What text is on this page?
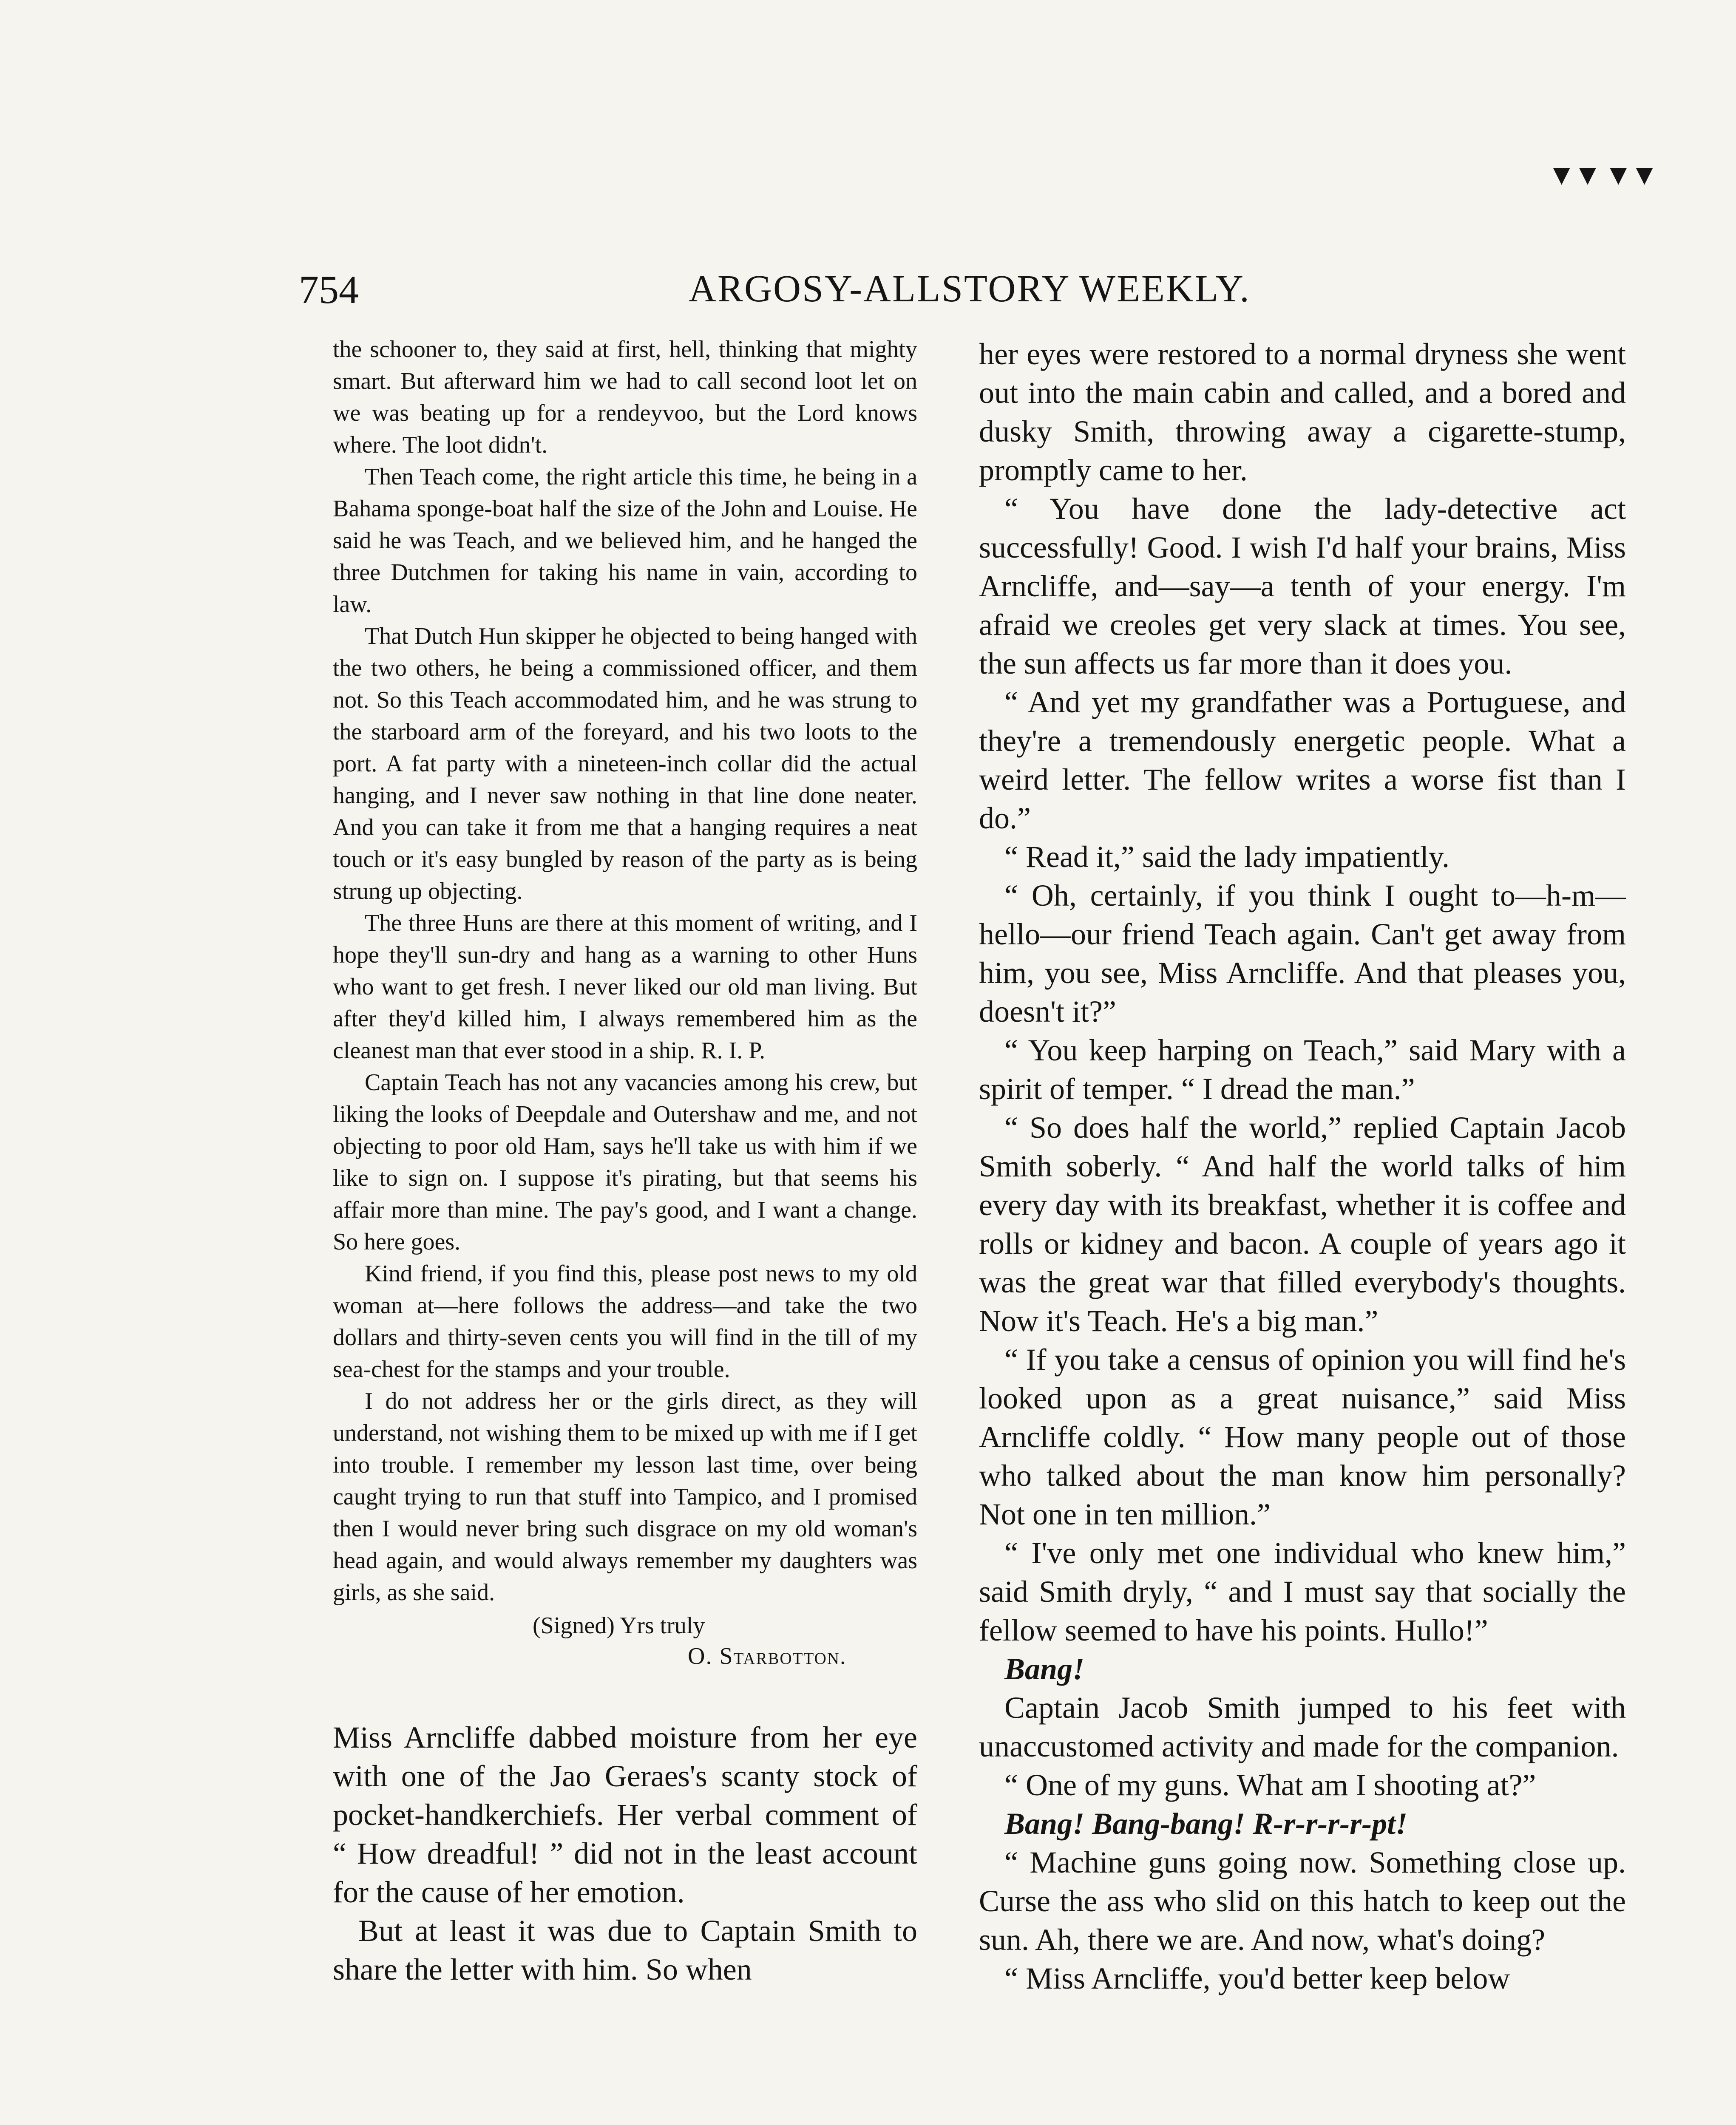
▼▼ ▼▼
754	ARGOSY-ALLSTORY WEEKLY.

the schooner to, they said at first, hell, thinking that mighty smart. But afterward him we had to call second loot let on we was beating up for a rendeyvoo, but the Lord knows where. The loot didn't.

Then Teach come, the right article this time, he being in a Bahama sponge-boat half the size of the John and Louise. He said he was Teach, and we believed him, and he hanged the three Dutchmen for taking his name in vain, according to law.

That Dutch Hun skipper he objected to being hanged with the two others, he being a commissioned officer, and them not. So this Teach accommodated him, and he was strung to the starboard arm of the foreyard, and his two loots to the port. A fat party with a nineteen-inch collar did the actual hanging, and I never saw nothing in that line done neater. And you can take it from me that a hanging requires a neat touch or it's easy bungled by reason of the party as is being strung up objecting.

The three Huns are there at this moment of writing, and I hope they'll sun-dry and hang as a warning to other Huns who want to get fresh. I never liked our old man living. But after they'd killed him, I always remembered him as the cleanest man that ever stood in a ship. R. I. P.

Captain Teach has not any vacancies among his crew, but liking the looks of Deepdale and Outershaw and me, and not objecting to poor old Ham, says he'll take us with him if we like to sign on. I suppose it's pirating, but that seems his affair more than mine. The pay's good, and I want a change. So here goes.

Kind friend, if you find this, please post news to my old woman at—here follows the address—and take the two dollars and thirty-seven cents you will find in the till of my sea-chest for the stamps and your trouble.

I do not address her or the girls direct, as they will understand, not wishing them to be mixed up with me if I get into trouble. I remember my lesson last time, over being caught trying to run that stuff into Tampico, and I promised then I would never bring such disgrace on my old woman's head again, and would always remember my daughters was girls, as she said.

(Signed) Yrs truly
O. Starbotton.

Miss Arncliffe dabbed moisture from her eye with one of the Jao Geraes's scanty stock of pocket-handkerchiefs. Her verbal comment of “ How dreadful! ” did not in the least account for the cause of her emotion.

But at least it was due to Captain Smith to share the letter with him. So when

her eyes were restored to a normal dryness she went out into the main cabin and called, and a bored and dusky Smith, throwing away a cigarette-stump, promptly came to her.

“ You have done the lady-detective act successfully! Good. I wish I'd half your brains, Miss Arncliffe, and—say—a tenth of your energy. I'm afraid we creoles get very slack at times. You see, the sun affects us far more than it does you.

“ And yet my grandfather was a Portuguese, and they're a tremendously energetic people. What a weird letter. The fellow writes a worse fist than I do.”

“ Read it,” said the lady impatiently.

“ Oh, certainly, if you think I ought to—h-m—hello—our friend Teach again. Can't get away from him, you see, Miss Arncliffe. And that pleases you, doesn't it?”

“ You keep harping on Teach,” said Mary with a spirit of temper. “ I dread the man.”

“ So does half the world,” replied Captain Jacob Smith soberly. “ And half the world talks of him every day with its breakfast, whether it is coffee and rolls or kidney and bacon. A couple of years ago it was the great war that filled everybody's thoughts. Now it's Teach. He's a big man.”

“ If you take a census of opinion you will find he's looked upon as a great nuisance,” said Miss Arncliffe coldly. “ How many people out of those who talked about the man know him personally? Not one in ten million.”

“ I've only met one individual who knew him,” said Smith dryly, “ and I must say that socially the fellow seemed to have his points. Hullo!”

Bang!

Captain Jacob Smith jumped to his feet with unaccustomed activity and made for the companion.

“ One of my guns. What am I shooting at?”

Bang! Bang-bang! R-r-r-r-r-pt!

“ Machine guns going now. Something close up. Curse the ass who slid on this hatch to keep out the sun. Ah, there we are. And now, what's doing?

“ Miss Arncliffe, you'd better keep below
